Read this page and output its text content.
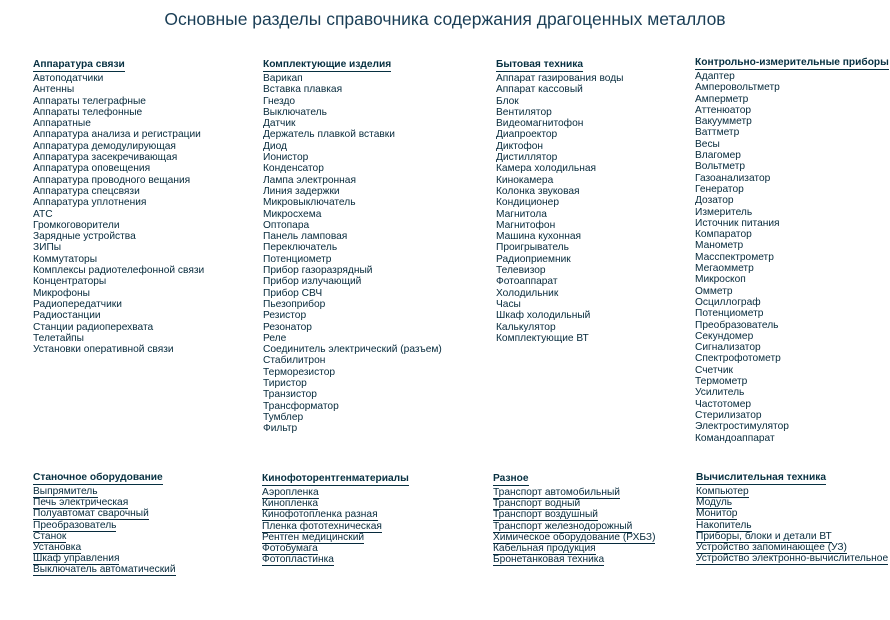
Основные разделы справочника содержания драгоценных металлов
Аппаратура связи
Автоподатчики
Антенны
Аппараты телеграфные
Аппараты телефонные
Аппаратные
Аппаратура анализа и регистрации
Аппаратура демодулирующая
Аппаратура засекречивающая
Аппаратура оповещения
Аппаратура проводного вещания
Аппаратура спецсвязи
Аппаратура уплотнения
АТС
Громкоговорители
Зарядные устройства
ЗИПы
Коммутаторы
Комплексы радиотелефонной связи
Концентраторы
Микрофоны
Радиопередатчики
Радиостанции
Станции радиоперехвата
Телетайпы
Установки оперативной связи
Комплектующие изделия
Варикап
Вставка плавкая
Гнездо
Выключатель
Датчик
Держатель плавкой вставки
Диод
Ионистор
Конденсатор
Лампа электронная
Линия задержки
Микровыключатель
Микросхема
Оптопара
Панель ламповая
Переключатель
Потенциометр
Прибор газоразрядный
Прибор излучающий
Прибор СВЧ
Пьезоприбор
Резистор
Резонатор
Реле
Соединитель электрический (разъем)
Стабилитрон
Терморезистор
Тиристор
Транзистор
Трансформатор
Тумблер
Фильтр
Бытовая техника
Аппарат газирования воды
Аппарат кассовый
Блок
Вентилятор
Видеомагнитофон
Диапроектор
Диктофон
Дистиллятор
Камера холодильная
Кинокамера
Колонка звуковая
Кондиционер
Магнитола
Магнитофон
Машина кухонная
Проигрыватель
Радиоприемник
Телевизор
Фотоаппарат
Холодильник
Часы
Шкаф холодильный
Калькулятор
Комплектующие ВТ
Контрольно-измерительные приборы
Адаптер
Амперовольтметр
Амперметр
Аттенюатор
Вакуумметр
Ваттметр
Весы
Влагомер
Вольтметр
Газоанализатор
Генератор
Дозатор
Измеритель
Источник питания
Компаратор
Манометр
Масспектрометр
Мегаомметр
Микроскоп
Омметр
Осциллограф
Потенциометр
Преобразователь
Секундомер
Сигнализатор
Спектрофотометр
Счетчик
Термометр
Усилитель
Частотомер
Стерилизатор
Электростимулятор
Командоаппарат
Станочное оборудование
Выпрямитель
Печь электрическая
Полуавтомат сварочный
Преобразователь
Станок
Установка
Шкаф управления
Выключатель автоматический
Кинофоторентгенматериалы
Аэропленка
Кинопленка
Кинофотопленка разная
Пленка фототехническая
Рентген медицинский
Фотобумага
Фотопластинка
Разное
Транспорт автомобильный
Транспорт водный
Транспорт воздушный
Транспорт железнодорожный
Химическое оборудование (РХБЗ)
Кабельная продукция
Бронетанковая техника
Вычислительная техника
Компьютер
Модуль
Монитор
Накопитель
Приборы, блоки и детали ВТ
Устройство запоминающее (УЗ)
Устройство электронно-вычислительное
